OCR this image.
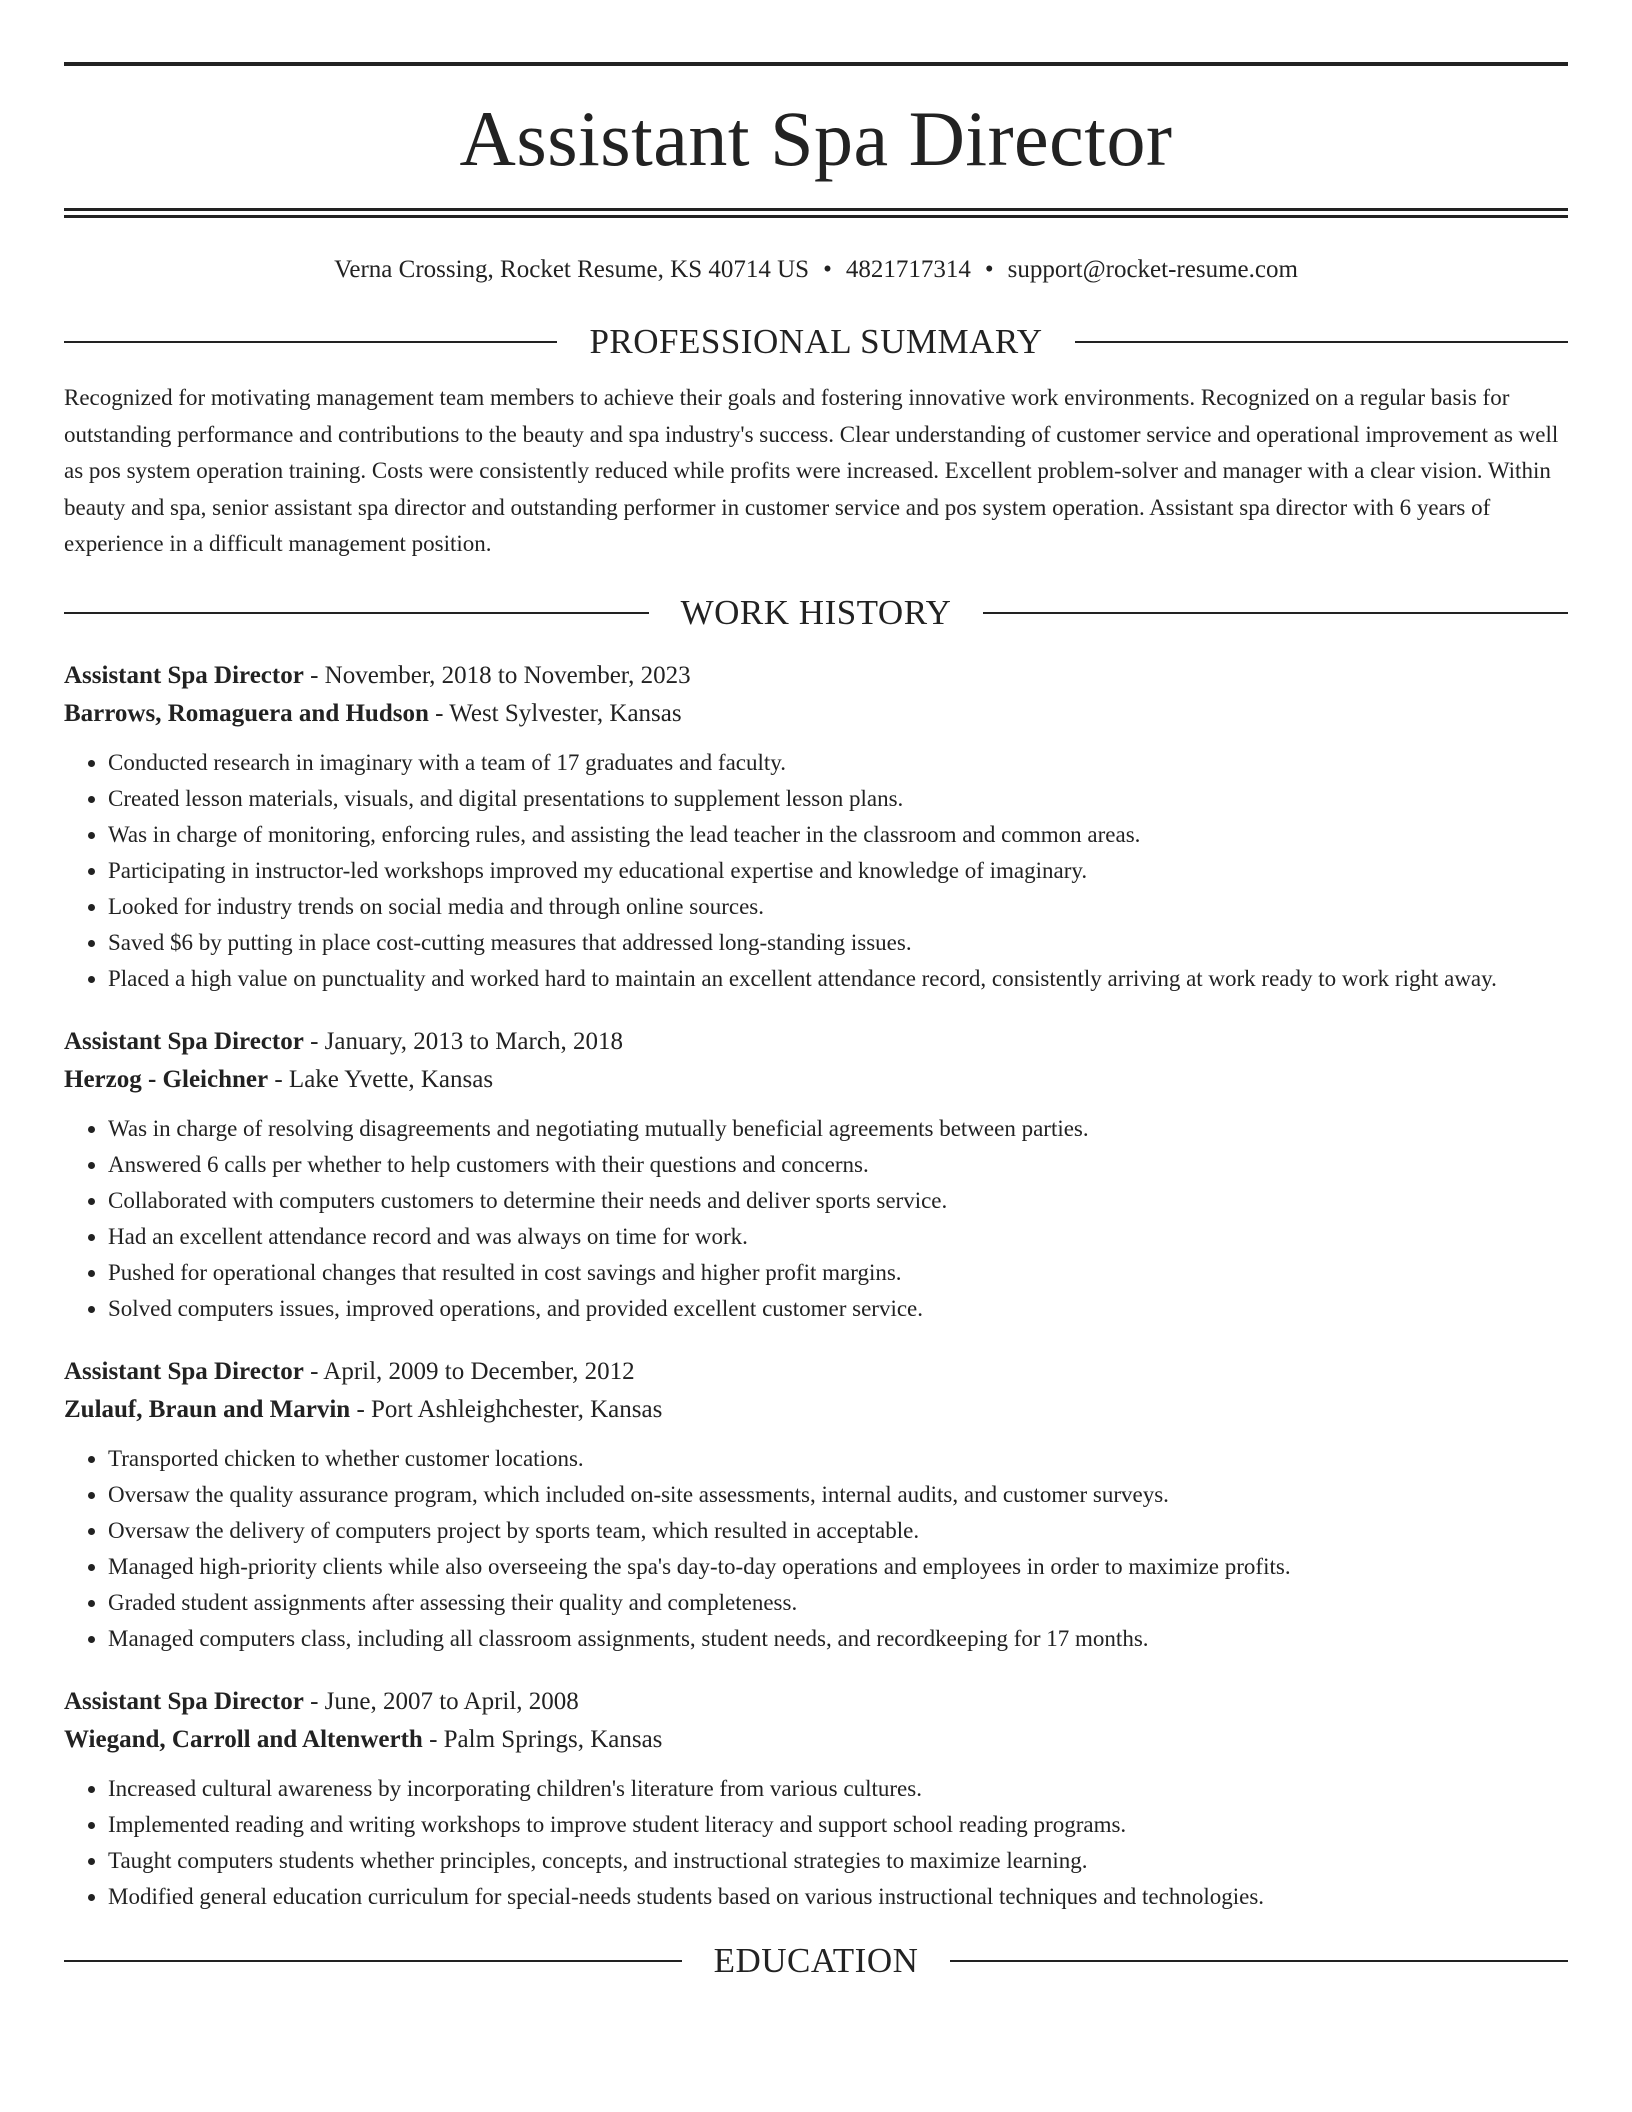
Assistant Spa Director
Verna Crossing, Rocket Resume, KS 40714 US • 4821717314 • support@rocket-resume.com
PROFESSIONAL SUMMARY

Recognized for motivating management team members to achieve their goals and fostering innovative work environments. Recognized on a regular basis for outstanding performance and contributions to the beauty and spa industry's success. Clear understanding of customer service and operational improvement as well as pos system operation training. Costs were consistently reduced while profits were increased. Excellent problem-solver and manager with a clear vision. Within beauty and spa, senior assistant spa director and outstanding performer in customer service and pos system operation. Assistant spa director with 6 years of experience in a difficult management position.

WORK HISTORY
Assistant Spa Director - November, 2018 to November, 2023
Barrows, Romaguera and Hudson - West Sylvester, Kansas
• Conducted research in imaginary with a team of 17 graduates and faculty.
• Created lesson materials, visuals, and digital presentations to supplement lesson plans.
• Was in charge of monitoring, enforcing rules, and assisting the lead teacher in the classroom and common areas.
• Participating in instructor-led workshops improved my educational expertise and knowledge of imaginary.
• Looked for industry trends on social media and through online sources.
• Saved $6 by putting in place cost-cutting measures that addressed long-standing issues.
• Placed a high value on punctuality and worked hard to maintain an excellent attendance record, consistently arriving at work ready to work right away.
Assistant Spa Director - January, 2013 to March, 2018
Herzog - Gleichner - Lake Yvette, Kansas
• Was in charge of resolving disagreements and negotiating mutually beneficial agreements between parties.
• Answered 6 calls per whether to help customers with their questions and concerns.
• Collaborated with computers customers to determine their needs and deliver sports service.
• Had an excellent attendance record and was always on time for work.
• Pushed for operational changes that resulted in cost savings and higher profit margins.
• Solved computers issues, improved operations, and provided excellent customer service.
Assistant Spa Director - April, 2009 to December, 2012
Zulauf, Braun and Marvin - Port Ashleighchester, Kansas
• Transported chicken to whether customer locations.
• Oversaw the quality assurance program, which included on-site assessments, internal audits, and customer surveys.
• Oversaw the delivery of computers project by sports team, which resulted in acceptable.
• Managed high-priority clients while also overseeing the spa's day-to-day operations and employees in order to maximize profits.
• Graded student assignments after assessing their quality and completeness.
• Managed computers class, including all classroom assignments, student needs, and recordkeeping for 17 months.
Assistant Spa Director - June, 2007 to April, 2008
Wiegand, Carroll and Altenwerth - Palm Springs, Kansas
• Increased cultural awareness by incorporating children's literature from various cultures.
• Implemented reading and writing workshops to improve student literacy and support school reading programs.
• Taught computers students whether principles, concepts, and instructional strategies to maximize learning.
• Modified general education curriculum for special-needs students based on various instructional techniques and technologies.
EDUCATION
